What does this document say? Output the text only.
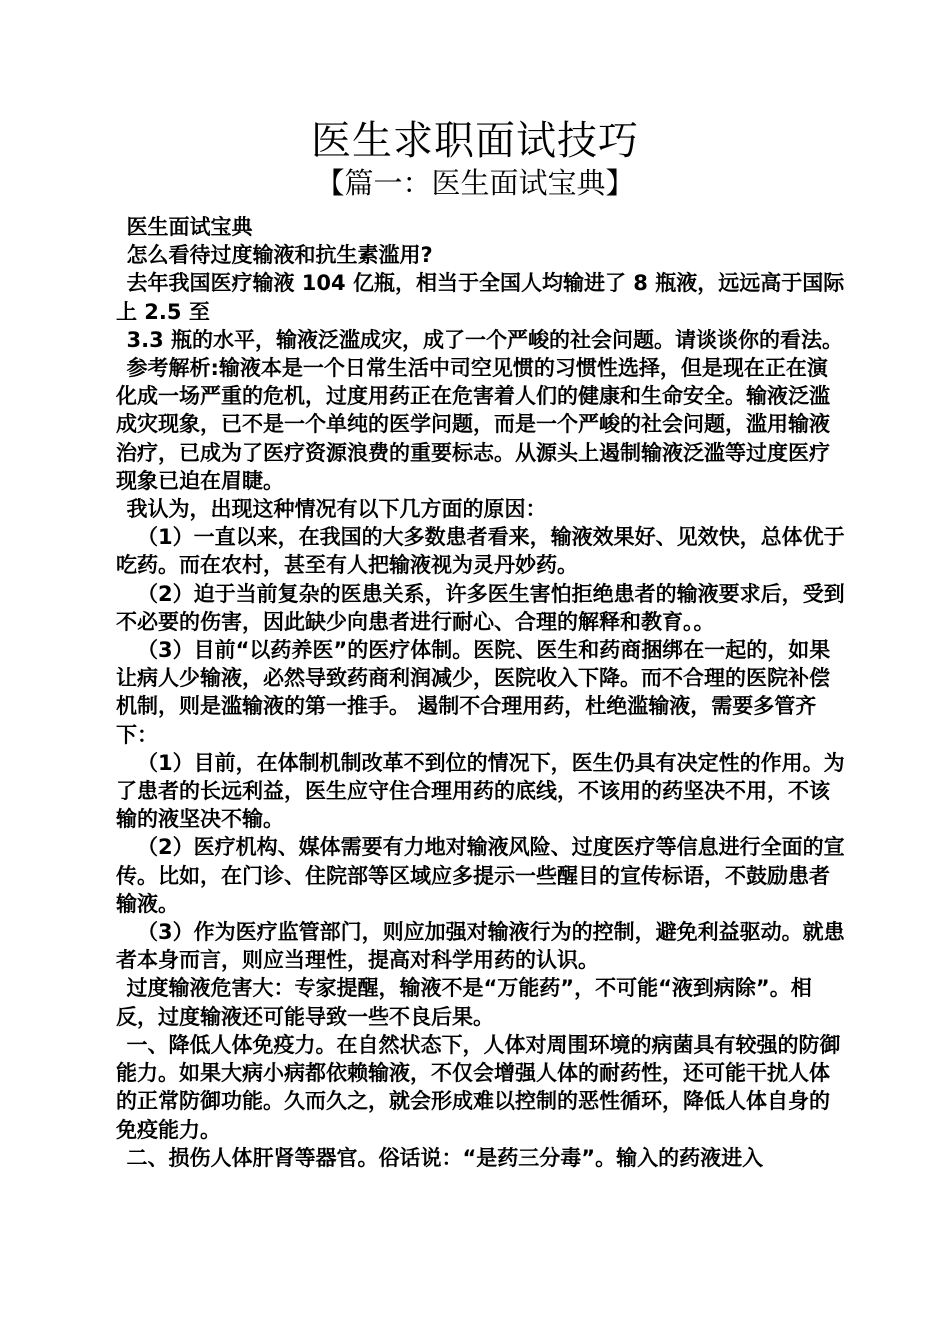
医生求职面试技巧
【篇一：医生面试宝典】

医生面试宝典

怎么看待过度输液和抗生素滥用?

去年我国医疗输液 104 亿瓶，相当于全国人均输进了 8 瓶液，远远高于国际上 2.5 至

3.3 瓶的水平，输液泛滥成灾，成了一个严峻的社会问题。请谈谈你的看法。

参考解析:输液本是一个日常生活中司空见惯的习惯性选择，但是现在正在演化成一场严重的危机，过度用药正在危害着人们的健康和生命安全。输液泛滥成灾现象，已不是一个单纯的医学问题，而是一个严峻的社会问题，滥用输液治疗，已成为了医疗资源浪费的重要标志。从源头上遏制输液泛滥等过度医疗现象已迫在眉睫。

我认为，出现这种情况有以下几方面的原因：

（1）一直以来，在我国的大多数患者看来，输液效果好、见效快，总体优于吃药。而在农村，甚至有人把输液视为灵丹妙药。

（2）迫于当前复杂的医患关系，许多医生害怕拒绝患者的输液要求后，受到不必要的伤害，因此缺少向患者进行耐心、合理的解释和教育。。

（3）目前“以药养医”的医疗体制。医院、医生和药商捆绑在一起的，如果让病人少输液，必然导致药商利润减少，医院收入下降。而不合理的医院补偿机制，则是滥输液的第一推手。 遏制不合理用药，杜绝滥输液，需要多管齐下：

（1）目前，在体制机制改革不到位的情况下，医生仍具有决定性的作用。为了患者的长远利益，医生应守住合理用药的底线，不该用的药坚决不用，不该输的液坚决不输。

（2）医疗机构、媒体需要有力地对输液风险、过度医疗等信息进行全面的宣传。比如，在门诊、住院部等区域应多提示一些醒目的宣传标语，不鼓励患者输液。

（3）作为医疗监管部门，则应加强对输液行为的控制，避免利益驱动。就患者本身而言，则应当理性，提高对科学用药的认识。

过度输液危害大：专家提醒，输液不是“万能药”，不可能“液到病除”。相反，过度输液还可能导致一些不良后果。

一、降低人体免疫力。在自然状态下，人体对周围环境的病菌具有较强的防御能力。如果大病小病都依赖输液，不仅会增强人体的耐药性，还可能干扰人体的正常防御功能。久而久之，就会形成难以控制的恶性循环，降低人体自身的免疫能力。

二、损伤人体肝肾等器官。俗话说：“是药三分毒”。输入的药液进入
